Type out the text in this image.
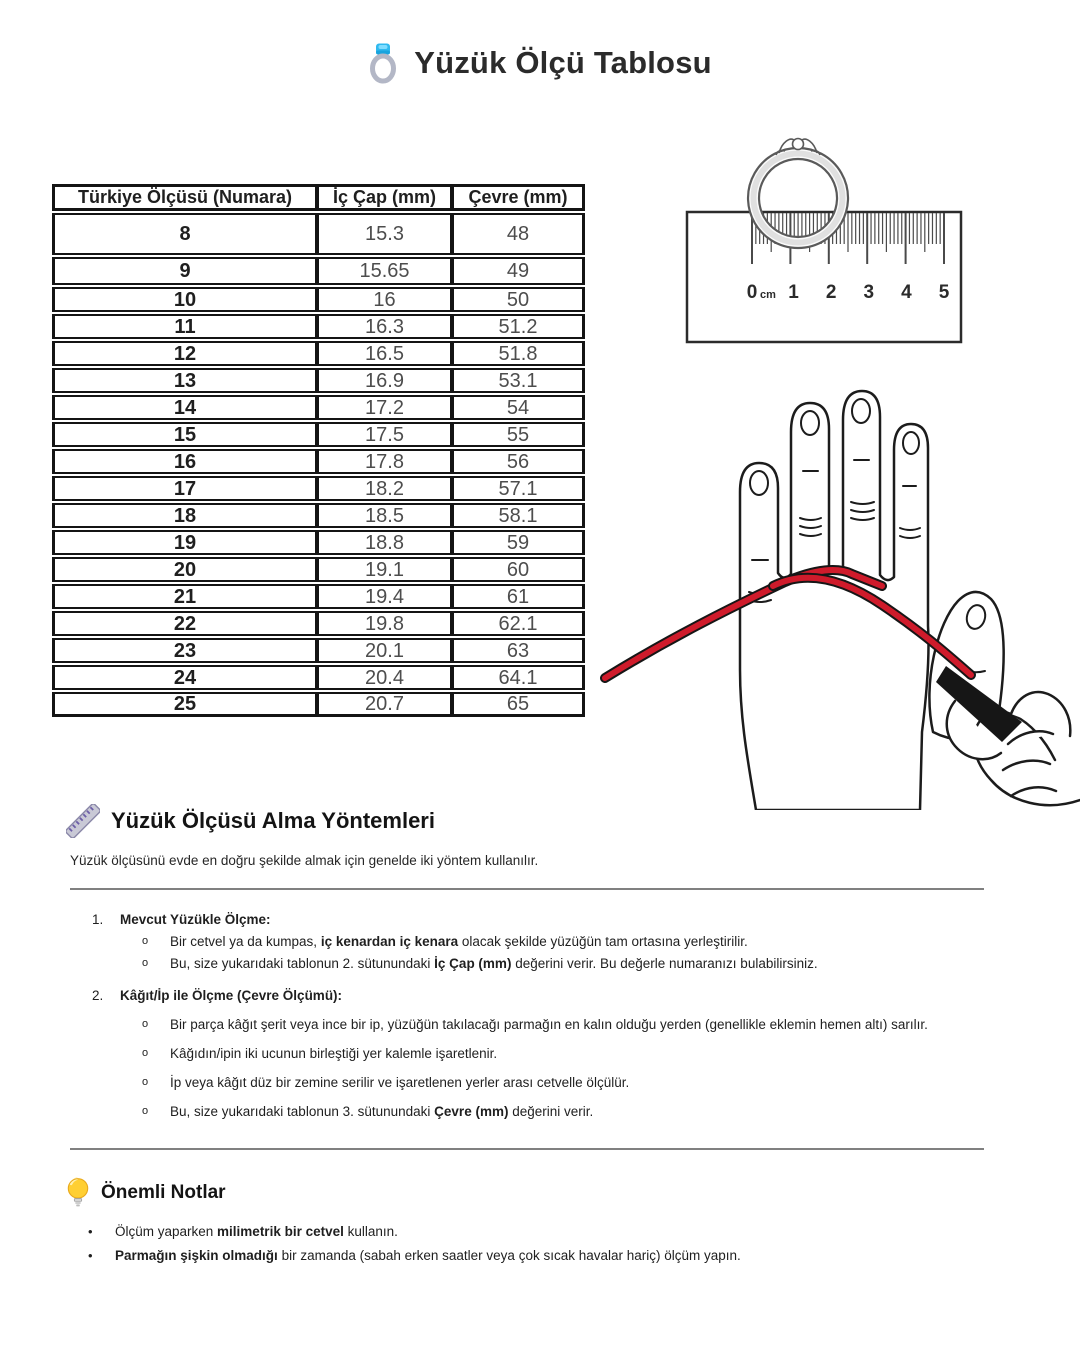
Yüzük Ölçü Tablosu
Türkiye Ölçüsü (Numara)	İç Çap (mm)	Çevre (mm)
8	15.3	48
9	15.65	49
10	16	50
11	16.3	51.2
12	16.5	51.8
13	16.9	53.1
14	17.2	54
15	17.5	55
16	17.8	56
17	18.2	57.1
18	18.5	58.1
19	18.8	59
20	19.1	60
21	19.4	61
22	19.8	62.1
23	20.1	63
24	20.4	64.1
25	20.7	65
0 cm 1 2 3 4 5
Yüzük Ölçüsü Alma Yöntemleri
Yüzük ölçüsünü evde en doğru şekilde almak için genelde iki yöntem kullanılır.
1.	Mevcut Yüzükle Ölçme:
o	Bir cetvel ya da kumpas, iç kenardan iç kenara olacak şekilde yüzüğün tam ortasına yerleştirilir.
o	Bu, size yukarıdaki tablonun 2. sütunundaki İç Çap (mm) değerini verir. Bu değerle numaranızı bulabilirsiniz.
2.	Kâğıt/İp ile Ölçme (Çevre Ölçümü):
o	Bir parça kâğıt şerit veya ince bir ip, yüzüğün takılacağı parmağın en kalın olduğu yerden (genellikle eklemin hemen altı) sarılır.
o	Kâğıdın/ipin iki ucunun birleştiği yer kalemle işaretlenir.
o	İp veya kâğıt düz bir zemine serilir ve işaretlenen yerler arası cetvelle ölçülür.
o	Bu, size yukarıdaki tablonun 3. sütunundaki Çevre (mm) değerini verir.
Önemli Notlar
•	Ölçüm yaparken milimetrik bir cetvel kullanın.
•	Parmağın şişkin olmadığı bir zamanda (sabah erken saatler veya çok sıcak havalar hariç) ölçüm yapın.
